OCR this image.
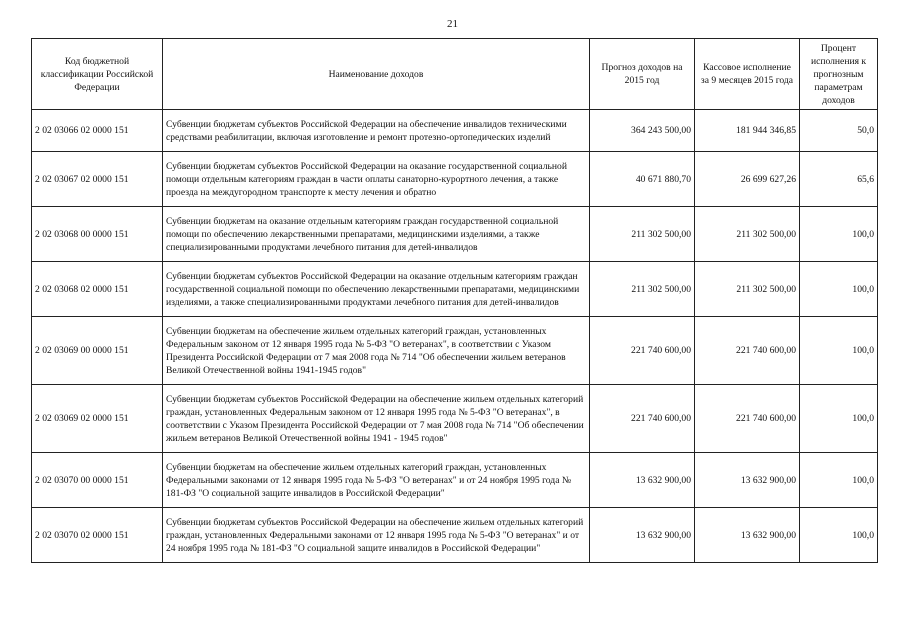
21
Код бюджетной классификации Российской Федерации	Наименование доходов	Прогноз доходов на 2015 год	Кассовое исполнение за 9 месяцев 2015 года	Процент исполнения к прогнозным параметрам доходов
2 02 03066 02 0000 151	Субвенции бюджетам субъектов Российской Федерации на обеспечение инвалидов техническими средствами реабилитации, включая изготовление и ремонт протезно-ортопедических изделий	364 243 500,00	181 944 346,85	50,0
2 02 03067 02 0000 151	Субвенции бюджетам субъектов Российской Федерации на оказание государственной социальной помощи отдельным категориям граждан в части оплаты санаторно-курортного лечения, а также проезда на междугородном транспорте к месту лечения и обратно	40 671 880,70	26 699 627,26	65,6
2 02 03068 00 0000 151	Субвенции бюджетам на оказание отдельным категориям граждан государственной социальной помощи по обеспечению лекарственными препаратами, медицинскими изделиями, а также специализированными продуктами лечебного питания для детей-инвалидов	211 302 500,00	211 302 500,00	100,0
2 02 03068 02 0000 151	Субвенции бюджетам субъектов Российской Федерации на оказание отдельным категориям граждан государственной социальной помощи по обеспечению лекарственными препаратами, медицинскими изделиями, а также специализированными продуктами лечебного питания для детей-инвалидов	211 302 500,00	211 302 500,00	100,0
2 02 03069 00 0000 151	Субвенции бюджетам на обеспечение жильем отдельных категорий граждан, установленных Федеральным законом от 12 января 1995 года № 5-ФЗ "О ветеранах", в соответствии с Указом Президента Российской Федерации от 7 мая 2008 года № 714 "Об обеспечении жильем ветеранов Великой Отечественной войны 1941-1945 годов"	221 740 600,00	221 740 600,00	100,0
2 02 03069 02 0000 151	Субвенции бюджетам субъектов Российской Федерации на обеспечение жильем отдельных категорий граждан, установленных Федеральным законом от 12 января 1995 года № 5-ФЗ "О ветеранах", в соответствии с Указом Президента Российской Федерации от 7 мая 2008 года № 714 "Об обеспечении жильем ветеранов Великой Отечественной войны 1941 - 1945 годов"	221 740 600,00	221 740 600,00	100,0
2 02 03070 00 0000 151	Субвенции бюджетам на обеспечение жильем отдельных категорий граждан, установленных Федеральными законами от 12 января 1995 года № 5-ФЗ "О ветеранах" и от 24 ноября 1995 года № 181-ФЗ "О социальной защите инвалидов в Российской Федерации"	13 632 900,00	13 632 900,00	100,0
2 02 03070 02 0000 151	Субвенции бюджетам субъектов Российской Федерации на обеспечение жильем отдельных категорий граждан, установленных Федеральными законами от 12 января 1995 года № 5-ФЗ "О ветеранах" и от 24 ноября 1995 года № 181-ФЗ "О социальной защите инвалидов в Российской Федерации"	13 632 900,00	13 632 900,00	100,0
